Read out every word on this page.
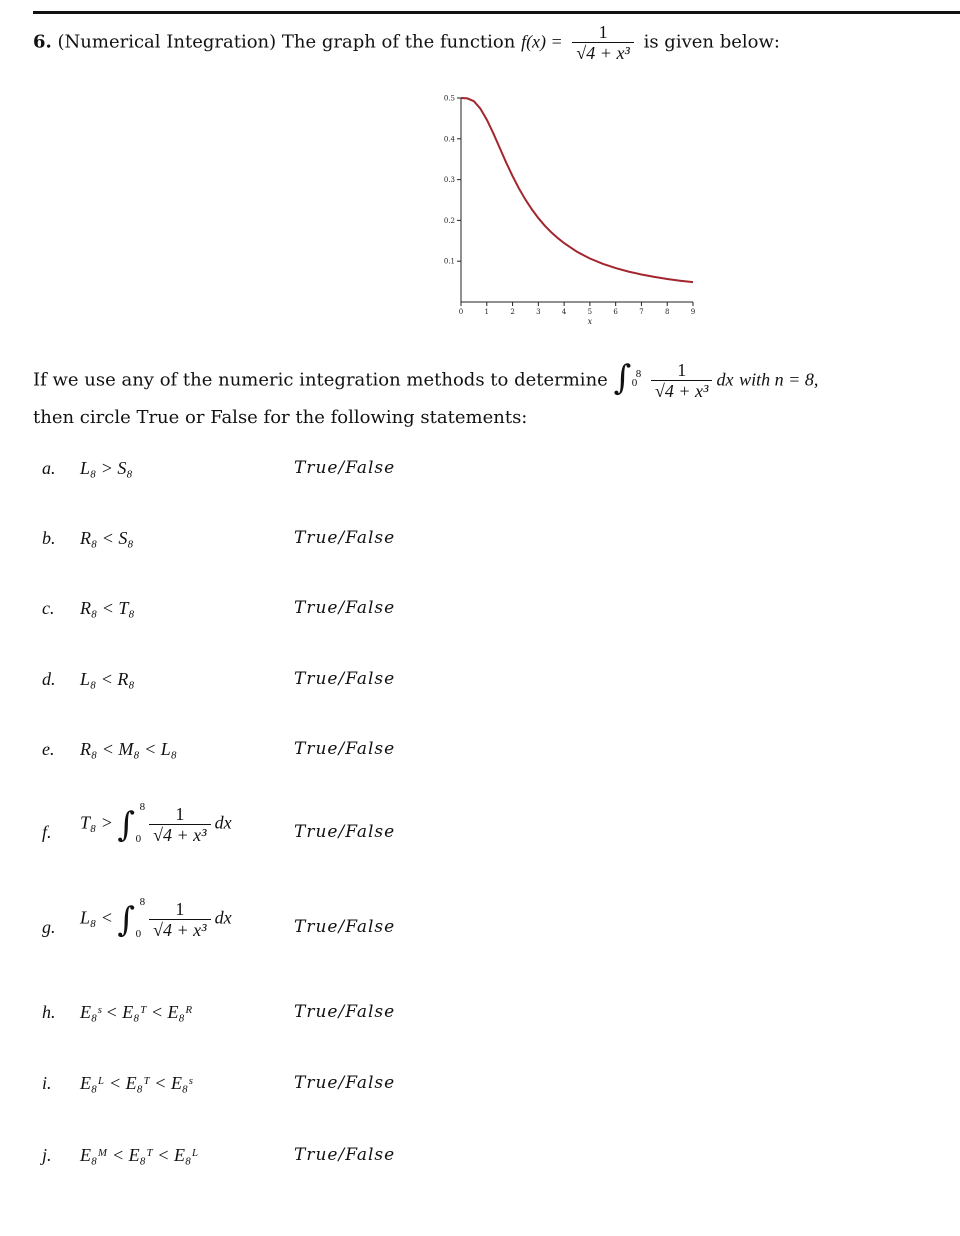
6. (Numerical Integration) The graph of the function $f(x) = \frac{1}{\text{√4 + x³}}$ is given below:
0	1	2	3	4	5	6	7	8	9
0.1
0.2
0.3
0.4
0.5
x
If we use any of the numeric integration methods to determine ∫ 8
0
$\frac{1}{\text{√4 + x³}}$ dx with n = 8,
then circle True or False for the following statements:
a. L₈ > S₈	True/False
b. R₈ < S₈	True/False
c. R₈ < T₈	True/False
d. L₈ < R₈	True/False
e. R₈ < M₈ < L₈	True/False
f. T₈ > ∫ 8
$0 \frac{1}{\text{√4 + x³}}$ dx	True/False
g. L₈ < ∫ 8
$0 \frac{1}{\text{√4 + x³}}$ dx	True/False
h. E₈ˢ < E₈ᵀ < E₈ᴿ	True/False
i. E₈ᴸ < E₈ᵀ < E₈ˢ	True/False
j. E₈ᴹ < E₈ᵀ < E₈ᴸ	True/False
